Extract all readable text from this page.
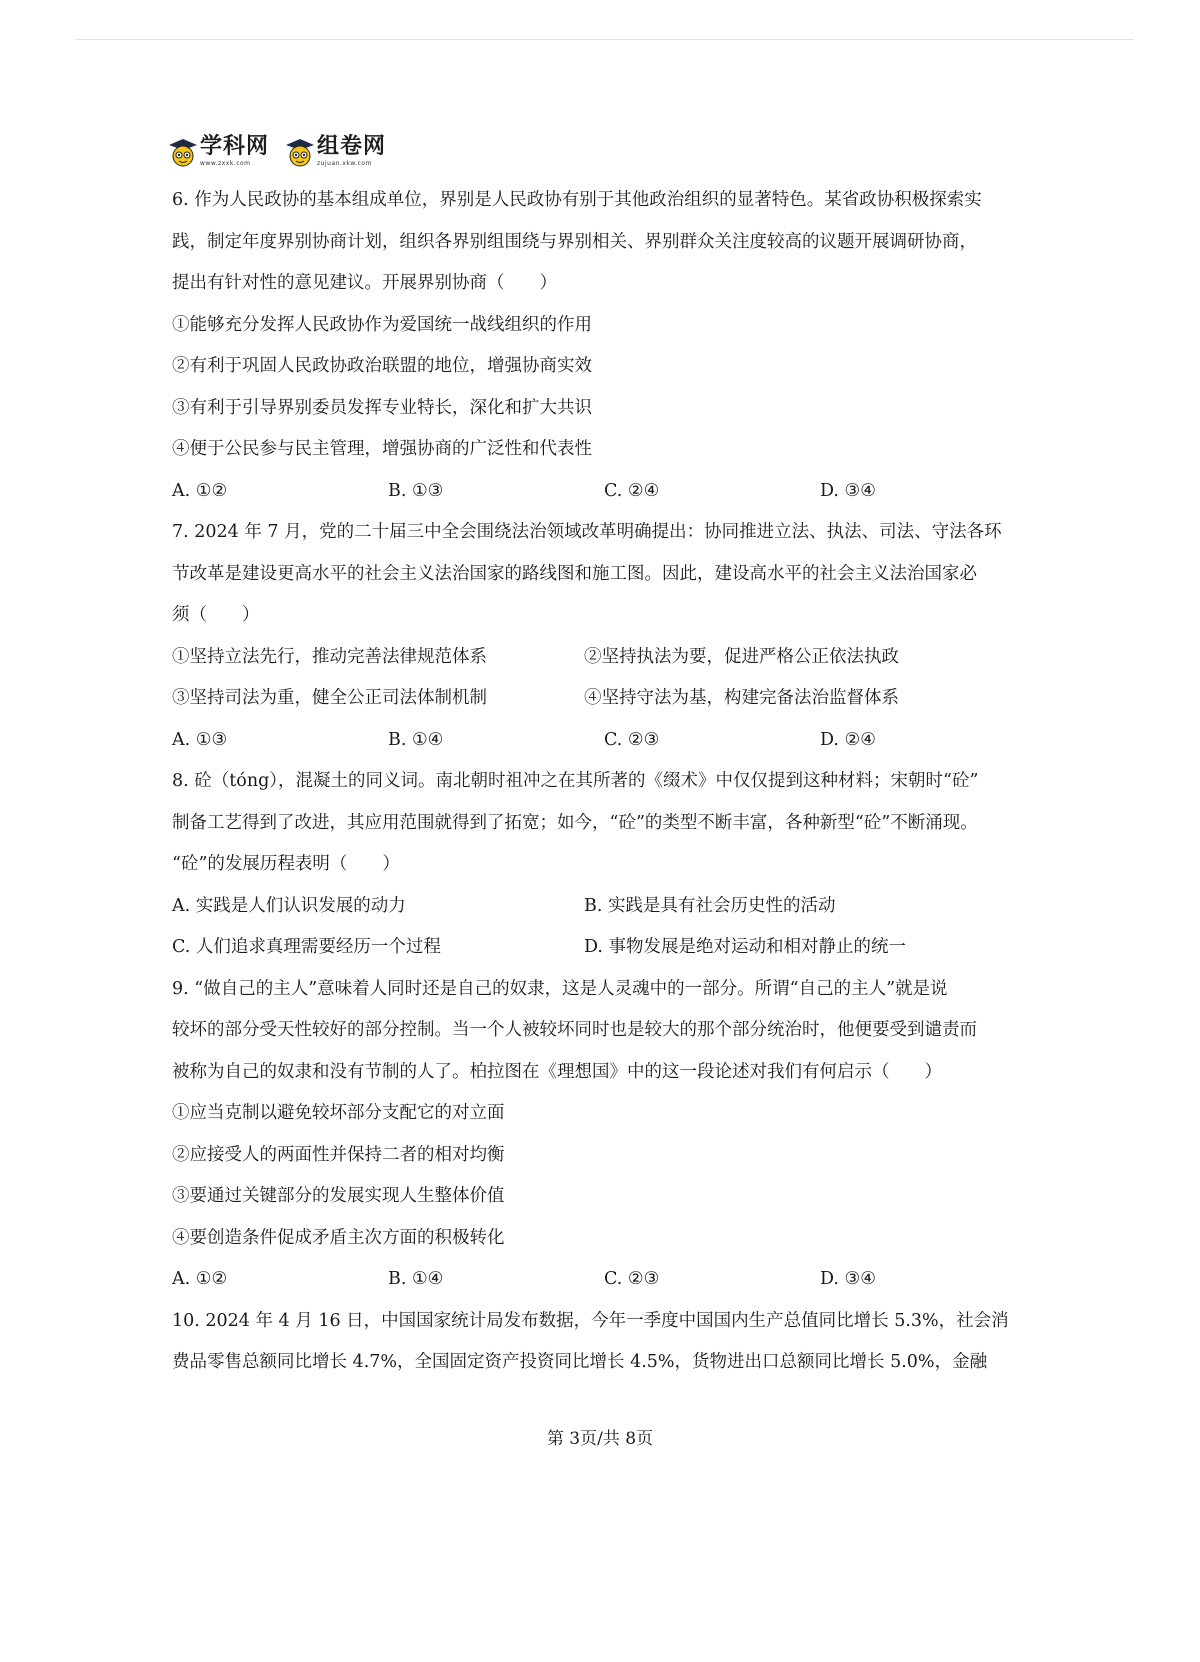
学科网
www.zxxk.com
组卷网
zujuan.xkw.com
6. 作为人民政协的基本组成单位，界别是人民政协有别于其他政治组织的显著特色。某省政协积极探索实
践，制定年度界别协商计划，组织各界别组围绕与界别相关、界别群众关注度较高的议题开展调研协商，
提出有针对性的意见建议。开展界别协商（　　）
①能够充分发挥人民政协作为爱国统一战线组织的作用
②有利于巩固人民政协政治联盟的地位，增强协商实效
③有利于引导界别委员发挥专业特长，深化和扩大共识
④便于公民参与民主管理，增强协商的广泛性和代表性
A. ①②	B. ①③	C. ②④	D. ③④
7. 2024 年 7 月，党的二十届三中全会围绕法治领域改革明确提出：协同推进立法、执法、司法、守法各环
节改革是建设更高水平的社会主义法治国家的路线图和施工图。因此，建设高水平的社会主义法治国家必
须（　　）
①坚持立法先行，推动完善法律规范体系	②坚持执法为要，促进严格公正依法执政
③坚持司法为重，健全公正司法体制机制	④坚持守法为基，构建完备法治监督体系
A. ①③	B. ①④	C. ②③	D. ②④
8. 砼（tóng），混凝土的同义词。南北朝时祖冲之在其所著的《缀术》中仅仅提到这种材料；宋朝时“砼”
制备工艺得到了改进，其应用范围就得到了拓宽；如今，“砼”的类型不断丰富，各种新型“砼”不断涌现。
“砼”的发展历程表明（　　）
A. 实践是人们认识发展的动力	B. 实践是具有社会历史性的活动
C. 人们追求真理需要经历一个过程	D. 事物发展是绝对运动和相对静止的统一
9. “做自己的主人”意味着人同时还是自己的奴隶，这是人灵魂中的一部分。所谓“自己的主人”就是说
较坏的部分受天性较好的部分控制。当一个人被较坏同时也是较大的那个部分统治时，他便要受到谴责而
被称为自己的奴隶和没有节制的人了。柏拉图在《理想国》中的这一段论述对我们有何启示（　　）
①应当克制以避免较坏部分支配它的对立面
②应接受人的两面性并保持二者的相对均衡
③要通过关键部分的发展实现人生整体价值
④要创造条件促成矛盾主次方面的积极转化
A. ①②	B. ①④	C. ②③	D. ③④
10. 2024 年 4 月 16 日，中国国家统计局发布数据，今年一季度中国国内生产总值同比增长 5.3%，社会消
费品零售总额同比增长 4.7%，全国固定资产投资同比增长 4.5%，货物进出口总额同比增长 5.0%，金融
第 3页/共 8页
